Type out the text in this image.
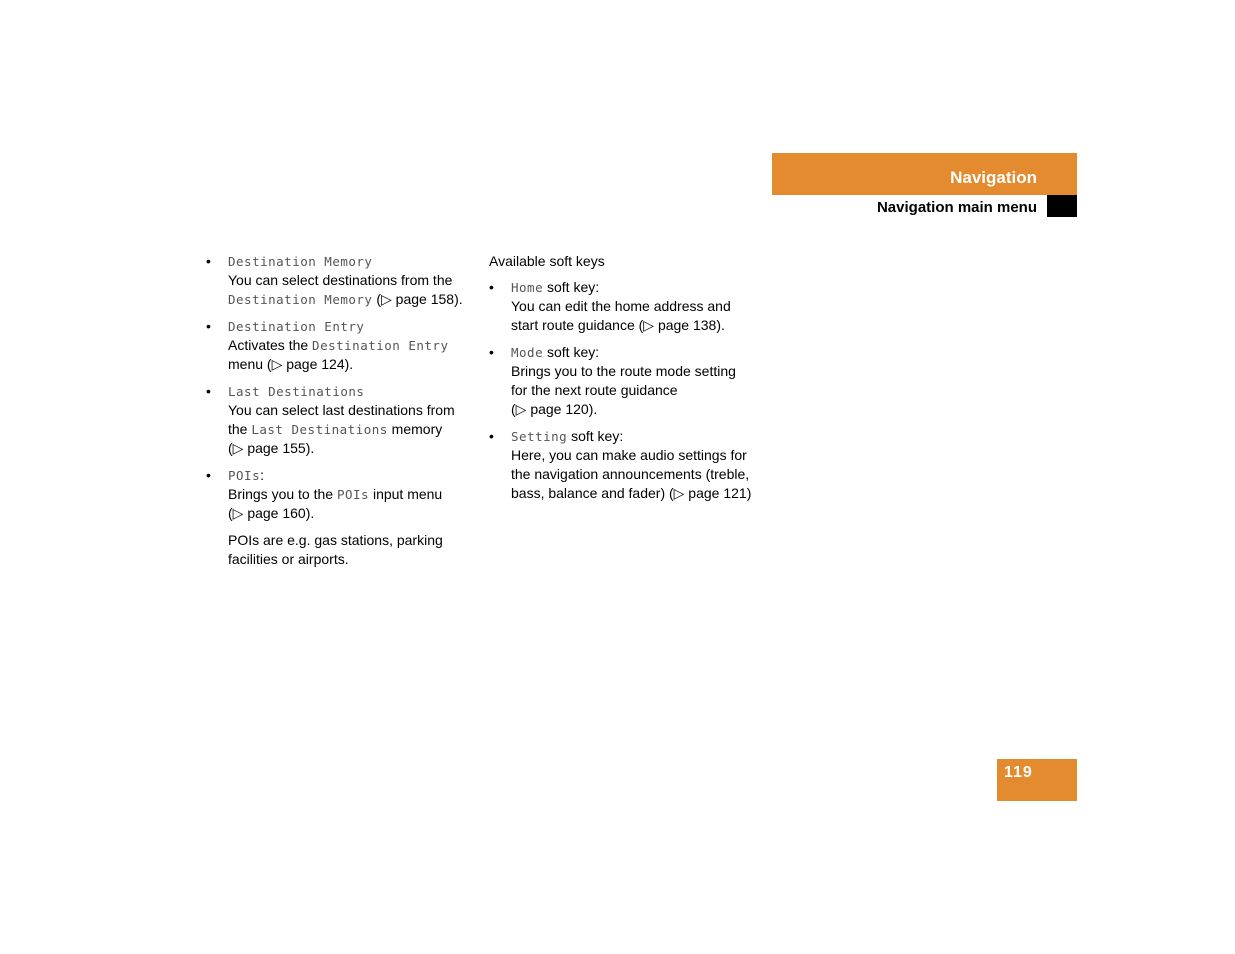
Navigation
Navigation main menu
• Destination Memory
You can select destinations from the
Destination Memory (▷ page 158).
• Destination Entry
Activates the Destination Entry
menu (▷ page 124).
• Last Destinations
You can select last destinations from
the Last Destinations memory
(▷ page 155).
• POIs:
Brings you to the POIs input menu
(▷ page 160).
POIs are e.g. gas stations, parking
facilities or airports.
Available soft keys
• Home soft key:
You can edit the home address and
start route guidance (▷ page 138).
• Mode soft key:
Brings you to the route mode setting
for the next route guidance
(▷ page 120).
• Setting soft key:
Here, you can make audio settings for
the navigation announcements (treble,
bass, balance and fader) (▷ page 121)
119
